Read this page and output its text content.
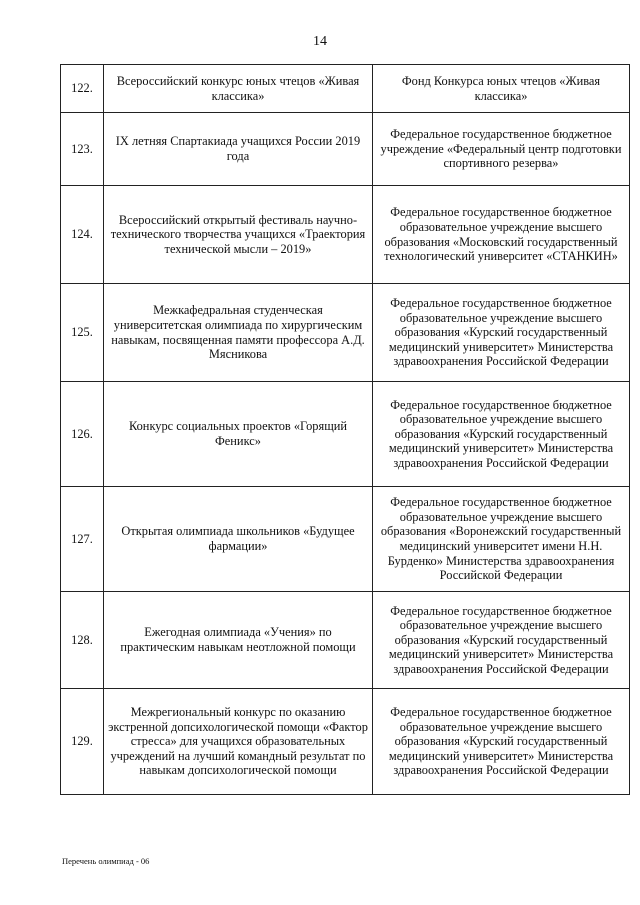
14
122.	Всероссийский конкурс юных чтецов «Живая классика»	Фонд Конкурса юных чтецов «Живая классика»
123.	IX летняя Спартакиада учащихся России 2019 года	Федеральное государственное бюджетное учреждение «Федеральный центр подготовки спортивного резерва»
124.	Всероссийский открытый фестиваль научно-технического творчества учащихся «Траектория технической мысли – 2019»	Федеральное государственное бюджетное образовательное учреждение высшего образования «Московский государственный технологический университет «СТАНКИН»
125.	Межкафедральная студенческая университетская олимпиада по хирургическим навыкам, посвященная памяти профессора А.Д. Мясникова	Федеральное государственное бюджетное образовательное учреждение высшего образования «Курский государственный медицинский университет» Министерства здравоохранения Российской Федерации
126.	Конкурс социальных проектов «Горящий Феникс»	Федеральное государственное бюджетное образовательное учреждение высшего образования «Курский государственный медицинский университет» Министерства здравоохранения Российской Федерации
127.	Открытая олимпиада школьников «Будущее фармации»	Федеральное государственное бюджетное образовательное учреждение высшего образования «Воронежский государственный медицинский университет имени Н.Н. Бурденко» Министерства здравоохранения Российской Федерации
128.	Ежегодная олимпиада «Учения» по практическим навыкам неотложной помощи	Федеральное государственное бюджетное образовательное учреждение высшего образования «Курский государственный медицинский университет» Министерства здравоохранения Российской Федерации
129.	Межрегиональный конкурс по оказанию экстренной допсихологической помощи «Фактор стресса» для учащихся образовательных учреждений на лучший командный результат по навыкам допсихологической помощи	Федеральное государственное бюджетное образовательное учреждение высшего образования «Курский государственный медицинский университет» Министерства здравоохранения Российской Федерации
Перечень олимпиад - 06
